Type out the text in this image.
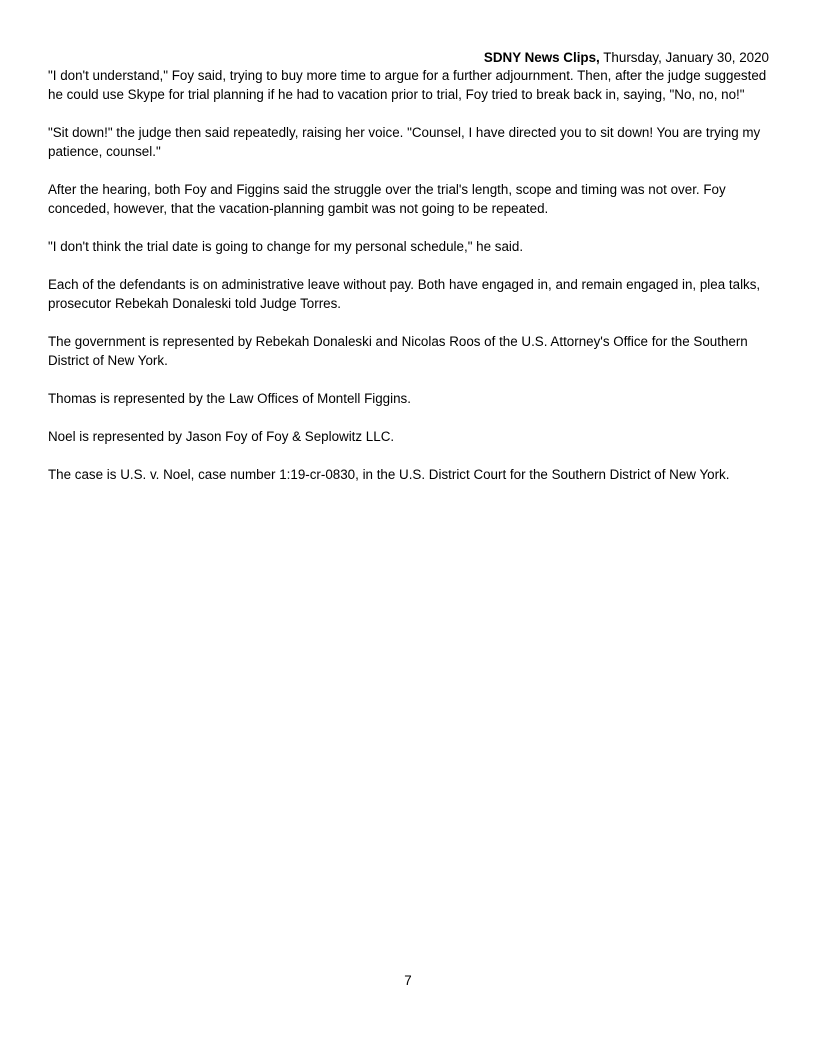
SDNY News Clips, Thursday, January 30, 2020

"I don't understand," Foy said, trying to buy more time to argue for a further adjournment. Then, after the judge suggested he could use Skype for trial planning if he had to vacation prior to trial, Foy tried to break back in, saying, "No, no, no!"

"Sit down!" the judge then said repeatedly, raising her voice. "Counsel, I have directed you to sit down! You are trying my patience, counsel."

After the hearing, both Foy and Figgins said the struggle over the trial's length, scope and timing was not over. Foy conceded, however, that the vacation-planning gambit was not going to be repeated.

"I don't think the trial date is going to change for my personal schedule," he said.

Each of the defendants is on administrative leave without pay. Both have engaged in, and remain engaged in, plea talks, prosecutor Rebekah Donaleski told Judge Torres.

The government is represented by Rebekah Donaleski and Nicolas Roos of the U.S. Attorney's Office for the Southern District of New York.

Thomas is represented by the Law Offices of Montell Figgins.

Noel is represented by Jason Foy of Foy & Seplowitz LLC.

The case is U.S. v. Noel, case number 1:19-cr-0830, in the U.S. District Court for the Southern District of New York.

7
